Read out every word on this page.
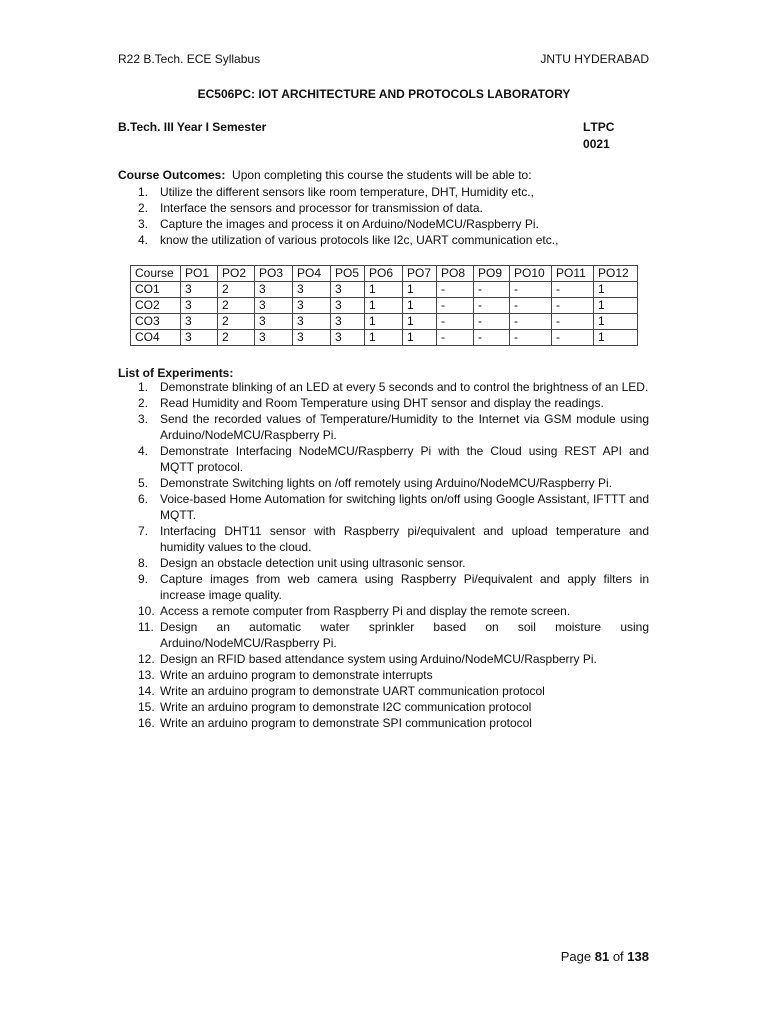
R22 B.Tech. ECE Syllabus	JNTU HYDERABAD
EC506PC: IOT ARCHITECTURE AND PROTOCOLS LABORATORY
B.Tech. III Year I Semester	L T P C
0 0 2 1
Course Outcomes: Upon completing this course the students will be able to:
1. Utilize the different sensors like room temperature, DHT, Humidity etc.,
2. Interface the sensors and processor for transmission of data.
3. Capture the images and process it on Arduino/NodeMCU/Raspberry Pi.
4. know the utilization of various protocols like I2c, UART communication etc.,
Course	PO1	PO2	PO3	PO4	PO5	PO6	PO7	PO8	PO9	PO10	PO11	PO12
CO1	3	2	3	3	3	1	1	-	-	-	-	1
CO2	3	2	3	3	3	1	1	-	-	-	-	1
CO3	3	2	3	3	3	1	1	-	-	-	-	1
CO4	3	2	3	3	3	1	1	-	-	-	-	1
List of Experiments:
1. Demonstrate blinking of an LED at every 5 seconds and to control the brightness of an LED.
2. Read Humidity and Room Temperature using DHT sensor and display the readings.
3. Send the recorded values of Temperature/Humidity to the Internet via GSM module using Arduino/NodeMCU/Raspberry Pi.
4. Demonstrate Interfacing NodeMCU/Raspberry Pi with the Cloud using REST API and MQTT protocol.
5. Demonstrate Switching lights on /off remotely using Arduino/NodeMCU/Raspberry Pi.
6. Voice-based Home Automation for switching lights on/off using Google Assistant, IFTTT and MQTT.
7. Interfacing DHT11 sensor with Raspberry pi/equivalent and upload temperature and humidity values to the cloud.
8. Design an obstacle detection unit using ultrasonic sensor.
9. Capture images from web camera using Raspberry Pi/equivalent and apply filters in increase image quality.
10. Access a remote computer from Raspberry Pi and display the remote screen.
11. Design an automatic water sprinkler based on soil moisture using Arduino/NodeMCU/Raspberry Pi.
12. Design an RFID based attendance system using Arduino/NodeMCU/Raspberry Pi.
13. Write an arduino program to demonstrate interrupts
14. Write an arduino program to demonstrate UART communication protocol
15. Write an arduino program to demonstrate I2C communication protocol
16. Write an arduino program to demonstrate SPI communication protocol
Page 81 of 138
